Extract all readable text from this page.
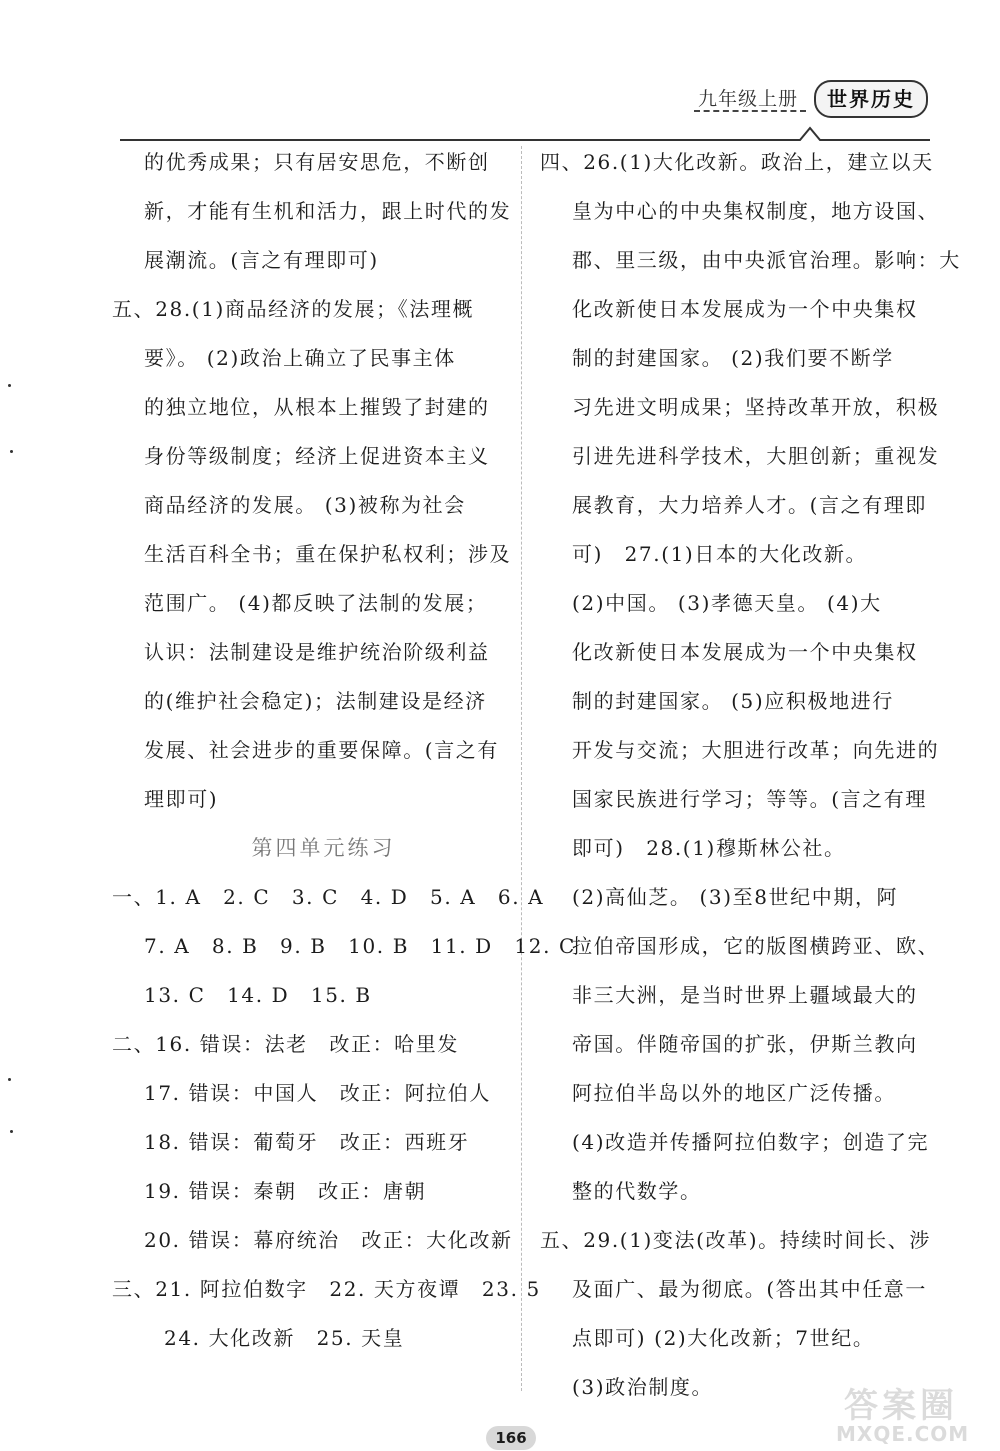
九年级上册	世界历史
的优秀成果；只有居安思危，不断创
新，才能有生机和活力，跟上时代的发
展潮流。(言之有理即可)
五、28.(1)商品经济的发展；《法理概
要》。 (2)政治上确立了民事主体
的独立地位，从根本上摧毁了封建的
身份等级制度；经济上促进资本主义
商品经济的发展。 (3)被称为社会
生活百科全书；重在保护私权利；涉及
范围广。 (4)都反映了法制的发展；
认识：法制建设是维护统治阶级利益
的(维护社会稳定)；法制建设是经济
发展、社会进步的重要保障。(言之有
理即可)
第四单元练习
一、1. A　2. C　3. C　4. D　5. A　6. A
7. A　8. B　9. B　10. B　11. D　12. C
13. C　14. D　15. B
二、16. 错误：法老　改正：哈里发
17. 错误：中国人　改正：阿拉伯人
18. 错误：葡萄牙　改正：西班牙
19. 错误：秦朝　改正：唐朝
20. 错误：幕府统治　改正：大化改新
三、21. 阿拉伯数字　22. 天方夜谭　23. 5
24. 大化改新　25. 天皇
四、26.(1)大化改新。政治上，建立以天
皇为中心的中央集权制度，地方设国、
郡、里三级，由中央派官治理。影响：大
化改新使日本发展成为一个中央集权
制的封建国家。 (2)我们要不断学
习先进文明成果；坚持改革开放，积极
引进先进科学技术，大胆创新；重视发
展教育，大力培养人才。(言之有理即
可)　27.(1)日本的大化改新。
(2)中国。 (3)孝德天皇。 (4)大
化改新使日本发展成为一个中央集权
制的封建国家。 (5)应积极地进行
开发与交流；大胆进行改革；向先进的
国家民族进行学习；等等。(言之有理
即可)　28.(1)穆斯林公社。
(2)高仙芝。 (3)至8世纪中期，阿
拉伯帝国形成，它的版图横跨亚、欧、
非三大洲，是当时世界上疆域最大的
帝国。伴随帝国的扩张，伊斯兰教向
阿拉伯半岛以外的地区广泛传播。
(4)改造并传播阿拉伯数字；创造了完
整的代数学。
五、29.(1)变法(改革)。持续时间长、涉
及面广、最为彻底。(答出其中任意一
点即可) (2)大化改新；7世纪。
(3)政治制度。
166
答案圈
MXQE.COM
